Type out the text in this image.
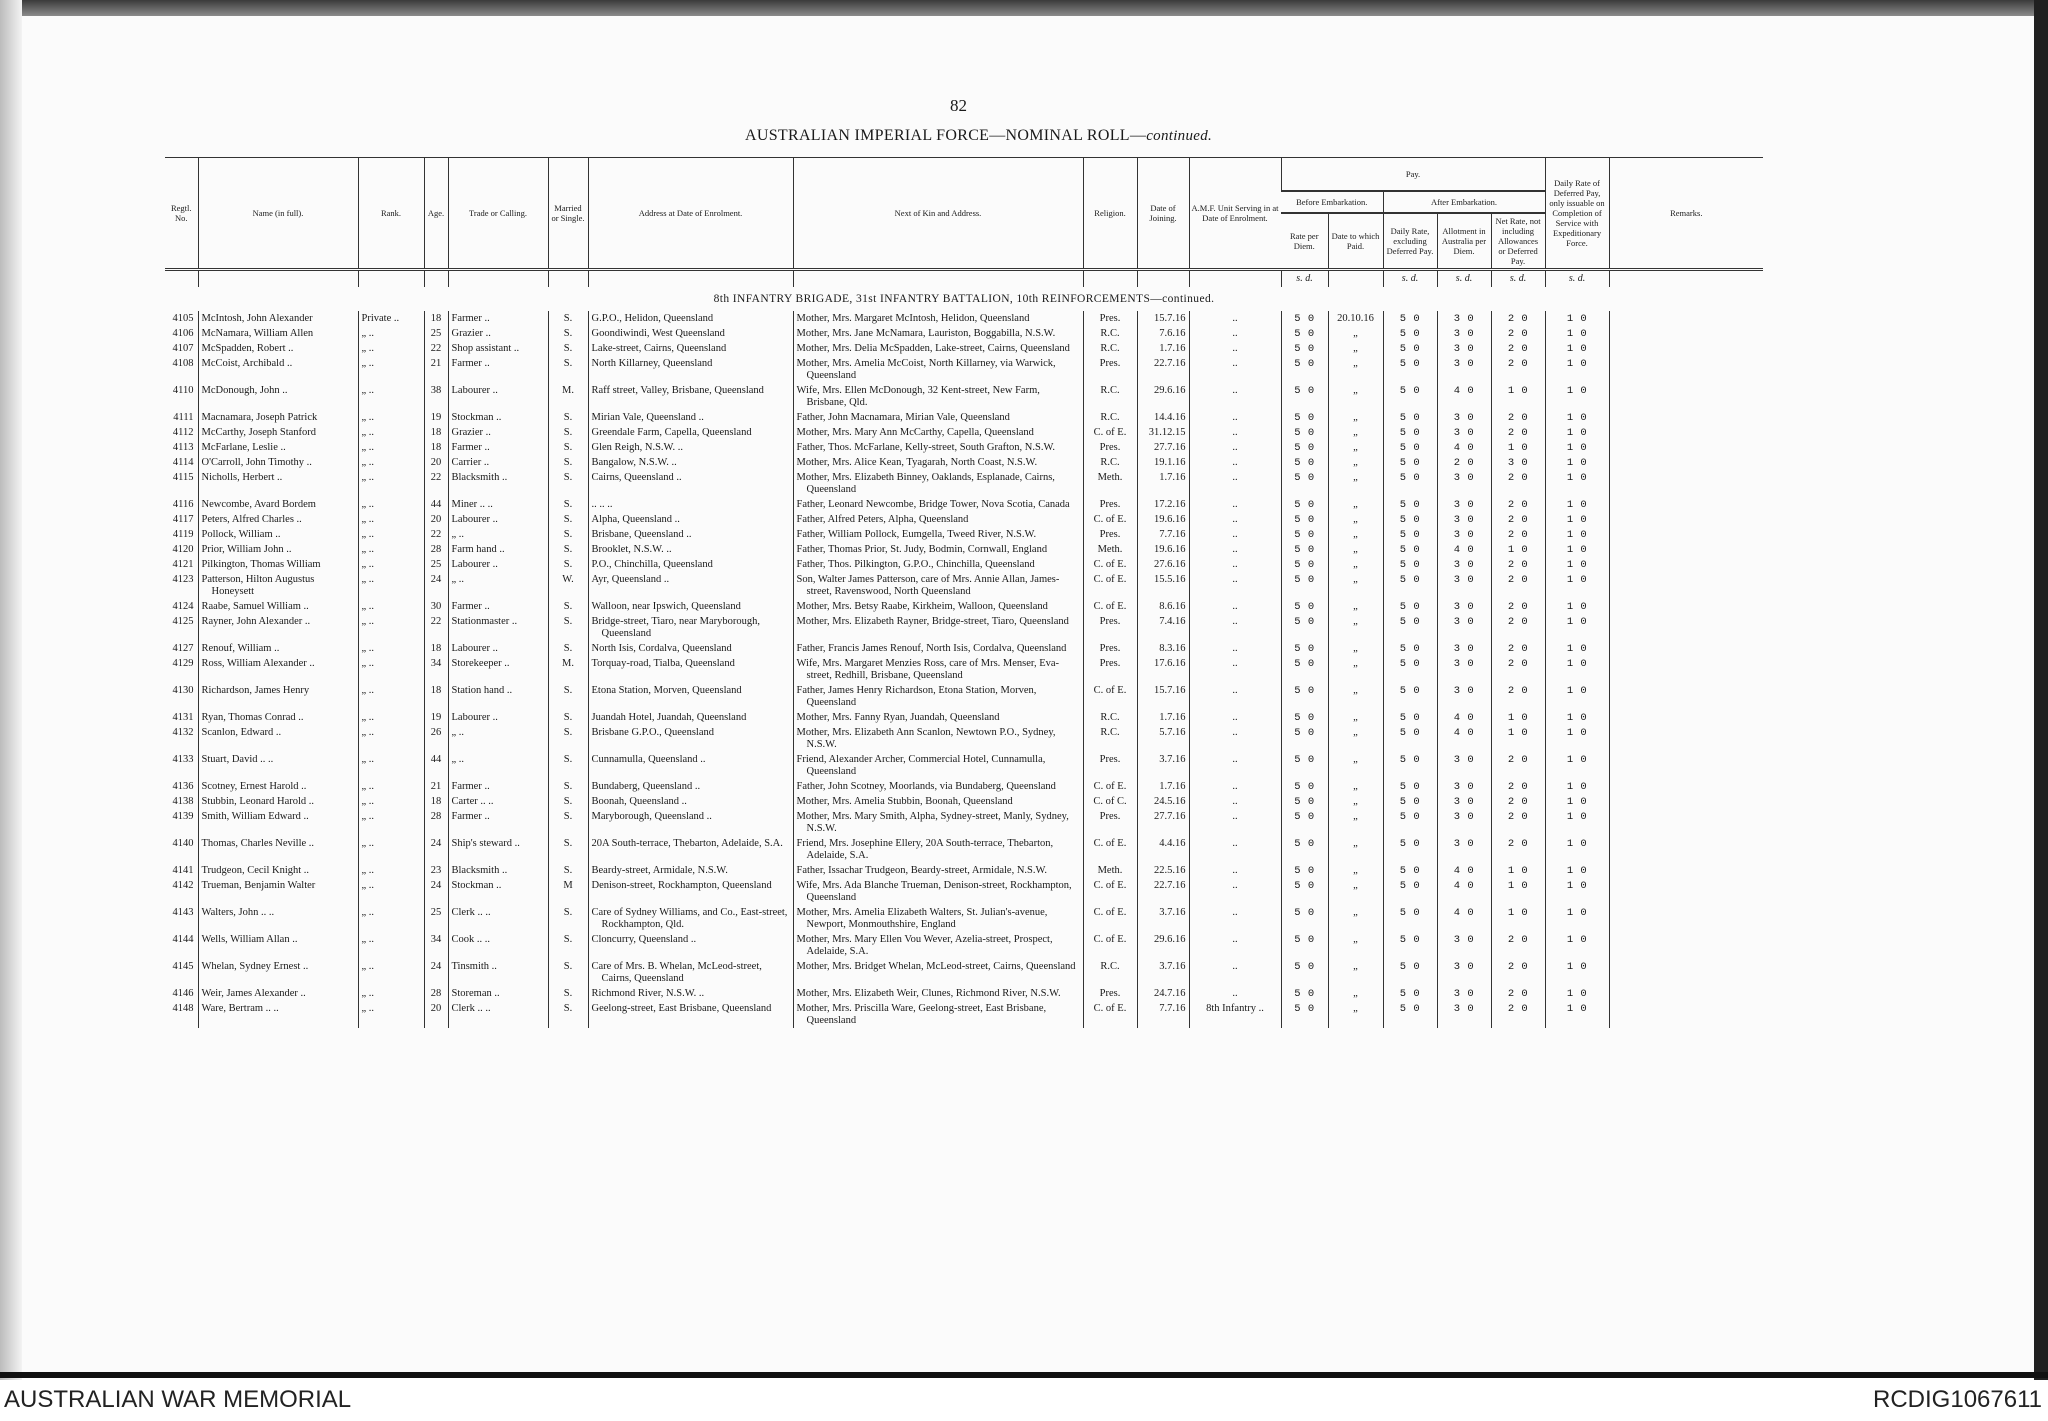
82
AUSTRALIAN IMPERIAL FORCE—NOMINAL ROLL—continued.
Regtl. No.	Name (in full).	Rank.	Age.	Trade or Calling.	Married or Single.	Address at Date of Enrolment.	Next of Kin and Address.	Religion.	Date of Joining.	A.M.F. Unit Serving in at Date of Enrolment.	Pay.					Daily Rate of Deferred Pay, only issuable on Completion of Service with Expeditionary Force.	Remarks.
											Before Embarkation.		After Embarkation.				
											Rate per Diem.	Date to which Paid.	Daily Rate, excluding Deferred Pay.	Allotment in Australia per Diem.	Net Rate, not including Allowances or Deferred Pay.		
											s. d.		s. d.	s. d.	s. d.	s. d.	
8th INFANTRY BRIGADE, 31st INFANTRY BATTALION, 10th REINFORCEMENTS—continued.																	
4105	McIntosh, John Alexander	Private ..	18	Farmer ..	S.	G.P.O., Helidon, Queensland	Mother, Mrs. Margaret McIntosh, Helidon, Queensland	Pres.	15.7.16	..	5 0	20.10.16	5 0	3 0	2 0	1 0	
4106	McNamara, William Allen	„ ..	25	Grazier ..	S.	Goondiwindi, West Queensland	Mother, Mrs. Jane McNamara, Lauriston, Boggabilla, N.S.W.	R.C.	7.6.16	..	5 0	„	5 0	3 0	2 0	1 0	
4107	McSpadden, Robert ..	„ ..	22	Shop assistant ..	S.	Lake-street, Cairns, Queensland	Mother, Mrs. Delia McSpadden, Lake-street, Cairns, Queensland	R.C.	1.7.16	..	5 0	„	5 0	3 0	2 0	1 0	
4108	McCoist, Archibald ..	„ ..	21	Farmer ..	S.	North Killarney, Queensland	Mother, Mrs. Amelia McCoist, North Killarney, via Warwick, Queensland	Pres.	22.7.16	..	5 0	„	5 0	3 0	2 0	1 0	
4110	McDonough, John ..	„ ..	38	Labourer ..	M.	Raff street, Valley, Brisbane, Queensland	Wife, Mrs. Ellen McDonough, 32 Kent-street, New Farm, Brisbane, Qld.	R.C.	29.6.16	..	5 0	„	5 0	4 0	1 0	1 0	
4111	Macnamara, Joseph Patrick	„ ..	19	Stockman ..	S.	Mirian Vale, Queensland ..	Father, John Macnamara, Mirian Vale, Queensland	R.C.	14.4.16	..	5 0	„	5 0	3 0	2 0	1 0	
4112	McCarthy, Joseph Stanford	„ ..	18	Grazier ..	S.	Greendale Farm, Capella, Queensland	Mother, Mrs. Mary Ann McCarthy, Capella, Queensland	C. of E.	31.12.15	..	5 0	„	5 0	3 0	2 0	1 0	
4113	McFarlane, Leslie ..	„ ..	18	Farmer ..	S.	Glen Reigh, N.S.W. ..	Father, Thos. McFarlane, Kelly-street, South Grafton, N.S.W.	Pres.	27.7.16	..	5 0	„	5 0	4 0	1 0	1 0	
4114	O'Carroll, John Timothy ..	„ ..	20	Carrier ..	S.	Bangalow, N.S.W. ..	Mother, Mrs. Alice Kean, Tyagarah, North Coast, N.S.W.	R.C.	19.1.16	..	5 0	„	5 0	2 0	3 0	1 0	
4115	Nicholls, Herbert ..	„ ..	22	Blacksmith ..	S.	Cairns, Queensland ..	Mother, Mrs. Elizabeth Binney, Oaklands, Esplanade, Cairns, Queensland	Meth.	1.7.16	..	5 0	„	5 0	3 0	2 0	1 0	
4116	Newcombe, Avard Bordem	„ ..	44	Miner .. ..	S.	.. .. ..	Father, Leonard Newcombe, Bridge Tower, Nova Scotia, Canada	Pres.	17.2.16	..	5 0	„	5 0	3 0	2 0	1 0	
4117	Peters, Alfred Charles ..	„ ..	20	Labourer ..	S.	Alpha, Queensland ..	Father, Alfred Peters, Alpha, Queensland	C. of E.	19.6.16	..	5 0	„	5 0	3 0	2 0	1 0	
4119	Pollock, William ..	„ ..	22	„ ..	S.	Brisbane, Queensland ..	Father, William Pollock, Eumgella, Tweed River, N.S.W.	Pres.	7.7.16	..	5 0	„	5 0	3 0	2 0	1 0	
4120	Prior, William John ..	„ ..	28	Farm hand ..	S.	Brooklet, N.S.W. ..	Father, Thomas Prior, St. Judy, Bodmin, Cornwall, England	Meth.	19.6.16	..	5 0	„	5 0	4 0	1 0	1 0	
4121	Pilkington, Thomas William	„ ..	25	Labourer ..	S.	P.O., Chinchilla, Queensland	Father, Thos. Pilkington, G.P.O., Chinchilla, Queensland	C. of E.	27.6.16	..	5 0	„	5 0	3 0	2 0	1 0	
4123	Patterson, Hilton Augustus Honeysett	„ ..	24	„ ..	W.	Ayr, Queensland ..	Son, Walter James Patterson, care of Mrs. Annie Allan, James-street, Ravenswood, North Queensland	C. of E.	15.5.16	..	5 0	„	5 0	3 0	2 0	1 0	
4124	Raabe, Samuel William ..	„ ..	30	Farmer ..	S.	Walloon, near Ipswich, Queensland	Mother, Mrs. Betsy Raabe, Kirkheim, Walloon, Queensland	C. of E.	8.6.16	..	5 0	„	5 0	3 0	2 0	1 0	
4125	Rayner, John Alexander ..	„ ..	22	Stationmaster ..	S.	Bridge-street, Tiaro, near Maryborough, Queensland	Mother, Mrs. Elizabeth Rayner, Bridge-street, Tiaro, Queensland	Pres.	7.4.16	..	5 0	„	5 0	3 0	2 0	1 0	
4127	Renouf, William ..	„ ..	18	Labourer ..	S.	North Isis, Cordalva, Queensland	Father, Francis James Renouf, North Isis, Cordalva, Queensland	Pres.	8.3.16	..	5 0	„	5 0	3 0	2 0	1 0	
4129	Ross, William Alexander ..	„ ..	34	Storekeeper ..	M.	Torquay-road, Tialba, Queensland	Wife, Mrs. Margaret Menzies Ross, care of Mrs. Menser, Eva-street, Redhill, Brisbane, Queensland	Pres.	17.6.16	..	5 0	„	5 0	3 0	2 0	1 0	
4130	Richardson, James Henry	„ ..	18	Station hand ..	S.	Etona Station, Morven, Queensland	Father, James Henry Richardson, Etona Station, Morven, Queensland	C. of E.	15.7.16	..	5 0	„	5 0	3 0	2 0	1 0	
4131	Ryan, Thomas Conrad ..	„ ..	19	Labourer ..	S.	Juandah Hotel, Juandah, Queensland	Mother, Mrs. Fanny Ryan, Juandah, Queensland	R.C.	1.7.16	..	5 0	„	5 0	4 0	1 0	1 0	
4132	Scanlon, Edward ..	„ ..	26	„ ..	S.	Brisbane G.P.O., Queensland	Mother, Mrs. Elizabeth Ann Scanlon, Newtown P.O., Sydney, N.S.W.	R.C.	5.7.16	..	5 0	„	5 0	4 0	1 0	1 0	
4133	Stuart, David .. ..	„ ..	44	„ ..	S.	Cunnamulla, Queensland ..	Friend, Alexander Archer, Commercial Hotel, Cunnamulla, Queensland	Pres.	3.7.16	..	5 0	„	5 0	3 0	2 0	1 0	
4136	Scotney, Ernest Harold ..	„ ..	21	Farmer ..	S.	Bundaberg, Queensland ..	Father, John Scotney, Moorlands, via Bundaberg, Queensland	C. of E.	1.7.16	..	5 0	„	5 0	3 0	2 0	1 0	
4138	Stubbin, Leonard Harold ..	„ ..	18	Carter .. ..	S.	Boonah, Queensland ..	Mother, Mrs. Amelia Stubbin, Boonah, Queensland	C. of C.	24.5.16	..	5 0	„	5 0	3 0	2 0	1 0	
4139	Smith, William Edward ..	„ ..	28	Farmer ..	S.	Maryborough, Queensland ..	Mother, Mrs. Mary Smith, Alpha, Sydney-street, Manly, Sydney, N.S.W.	Pres.	27.7.16	..	5 0	„	5 0	3 0	2 0	1 0	
4140	Thomas, Charles Neville ..	„ ..	24	Ship's steward ..	S.	20A South-terrace, Thebarton, Adelaide, S.A.	Friend, Mrs. Josephine Ellery, 20A South-terrace, Thebarton, Adelaide, S.A.	C. of E.	4.4.16	..	5 0	„	5 0	3 0	2 0	1 0	
4141	Trudgeon, Cecil Knight ..	„ ..	23	Blacksmith ..	S.	Beardy-street, Armidale, N.S.W.	Father, Issachar Trudgeon, Beardy-street, Armidale, N.S.W.	Meth.	22.5.16	..	5 0	„	5 0	4 0	1 0	1 0	
4142	Trueman, Benjamin Walter	„ ..	24	Stockman ..	M	Denison-street, Rockhampton, Queensland	Wife, Mrs. Ada Blanche Trueman, Denison-street, Rockhampton, Queensland	C. of E.	22.7.16	..	5 0	„	5 0	4 0	1 0	1 0	
4143	Walters, John .. ..	„ ..	25	Clerk .. ..	S.	Care of Sydney Williams, and Co., East-street, Rockhampton, Qld.	Mother, Mrs. Amelia Elizabeth Walters, St. Julian's-avenue, Newport, Monmouthshire, England	C. of E.	3.7.16	..	5 0	„	5 0	4 0	1 0	1 0	
4144	Wells, William Allan ..	„ ..	34	Cook .. ..	S.	Cloncurry, Queensland ..	Mother, Mrs. Mary Ellen Vou Wever, Azelia-street, Prospect, Adelaide, S.A.	C. of E.	29.6.16	..	5 0	„	5 0	3 0	2 0	1 0	
4145	Whelan, Sydney Ernest ..	„ ..	24	Tinsmith ..	S.	Care of Mrs. B. Whelan, McLeod-street, Cairns, Queensland	Mother, Mrs. Bridget Whelan, McLeod-street, Cairns, Queensland	R.C.	3.7.16	..	5 0	„	5 0	3 0	2 0	1 0	
4146	Weir, James Alexander ..	„ ..	28	Storeman ..	S.	Richmond River, N.S.W. ..	Mother, Mrs. Elizabeth Weir, Clunes, Richmond River, N.S.W.	Pres.	24.7.16	..	5 0	„	5 0	3 0	2 0	1 0	
4148	Ware, Bertram .. ..	„ ..	20	Clerk .. ..	S.	Geelong-street, East Brisbane, Queensland	Mother, Mrs. Priscilla Ware, Geelong-street, East Brisbane, Queensland	C. of E.	7.7.16	8th Infantry ..	5 0	„	5 0	3 0	2 0	1 0	
AUSTRALIAN WAR MEMORIAL	RCDIG1067611
